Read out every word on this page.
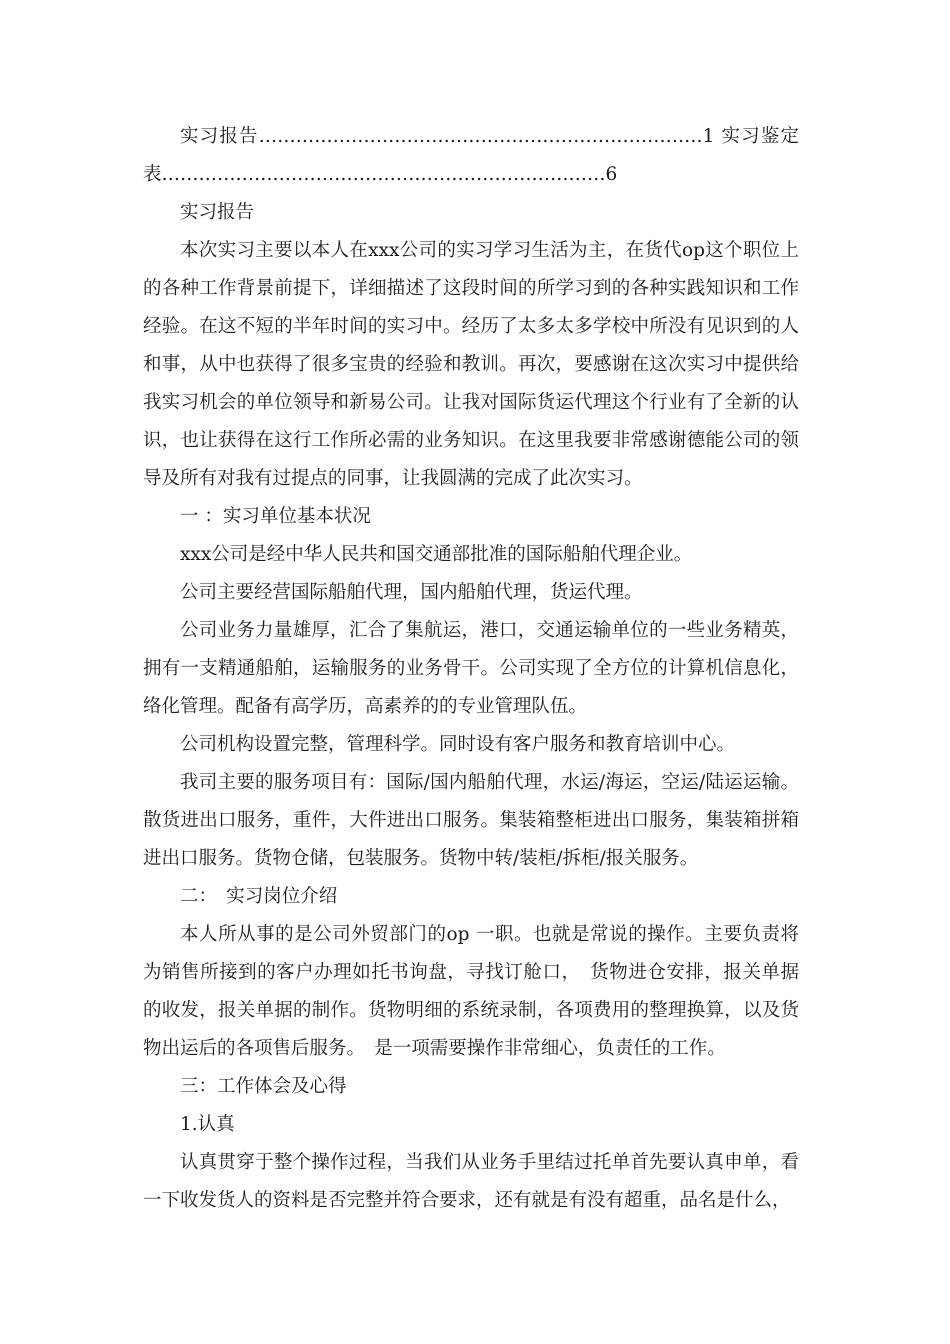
实习报告………………………………………………………………1 实习鉴定表………………………………………………………………6

实习报告

本次实习主要以本人在xxx公司的实习学习生活为主，在货代op这个职位上的各种工作背景前提下，详细描述了这段时间的所学习到的各种实践知识和工作经验。在这不短的半年时间的实习中。经历了太多太多学校中所没有见识到的人和事，从中也获得了很多宝贵的经验和教训。再次，要感谢在这次实习中提供给我实习机会的单位领导和新易公司。让我对国际货运代理这个行业有了全新的认识，也让获得在这行工作所必需的业务知识。在这里我要非常感谢德能公司的领导及所有对我有过提点的同事，让我圆满的完成了此次实习。

一 ：实习单位基本状况

xxx公司是经中华人民共和国交通部批准的国际船舶代理企业。

公司主要经营国际船舶代理，国内船舶代理，货运代理。

公司业务力量雄厚，汇合了集航运，港口，交通运输单位的一些业务精英，拥有一支精通船舶，运输服务的业务骨干。公司实现了全方位的计算机信息化，络化管理。配备有高学历，高素养的的专业管理队伍。

公司机构设置完整，管理科学。同时设有客户服务和教育培训中心。

我司主要的服务项目有：国际/国内船舶代理，水运/海运，空运/陆运运输。散货进出口服务，重件，大件进出口服务。集装箱整柜进出口服务，集装箱拼箱进出口服务。货物仓储，包装服务。货物中转/装柜/拆柜/报关服务。

二：　实习岗位介绍

本人所从事的是公司外贸部门的op 一职。也就是常说的操作。主要负责将为销售所接到的客户办理如托书询盘，寻找订舱口，　货物进仓安排，报关单据的收发，报关单据的制作。货物明细的系统录制，各项费用的整理换算，以及货物出运后的各项售后服务。　是一项需要操作非常细心，负责任的工作。

三：工作体会及心得

1.认真

认真贯穿于整个操作过程，当我们从业务手里结过托单首先要认真申单，看一下收发货人的资料是否完整并符合要求，还有就是有没有超重，品名是什么，
